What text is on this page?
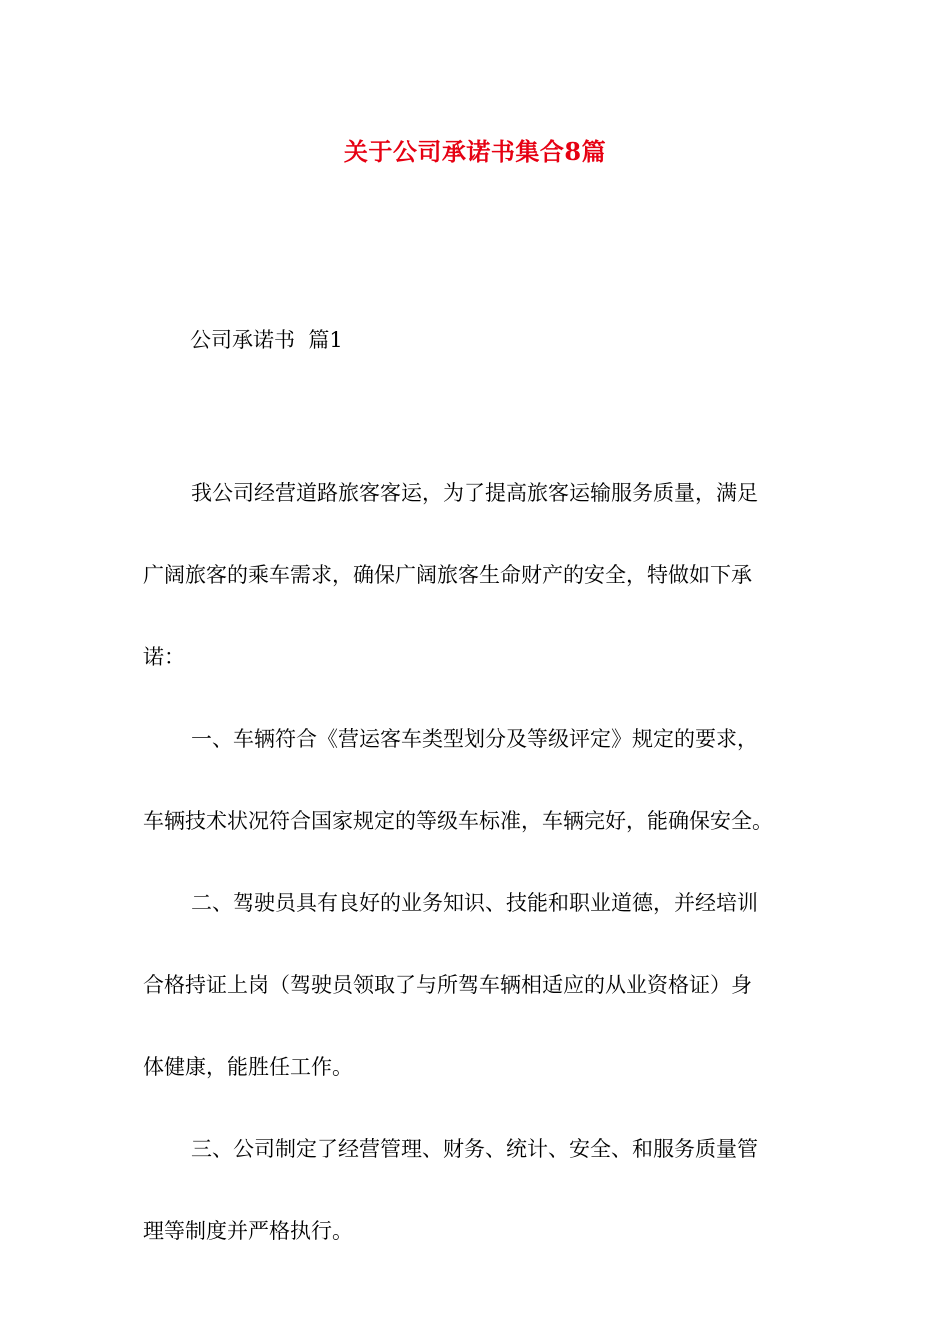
关于公司承诺书集合8篇

公司承诺书  篇1

我公司经营道路旅客客运，为了提高旅客运输服务质量，满足
广阔旅客的乘车需求，确保广阔旅客生命财产的安全，特做如下承
诺：
一、车辆符合《营运客车类型划分及等级评定》规定的要求，
车辆技术状况符合国家规定的等级车标准，车辆完好，能确保安全。
二、驾驶员具有良好的业务知识、技能和职业道德，并经培训
合格持证上岗（驾驶员领取了与所驾车辆相适应的从业资格证）身
体健康，能胜任工作。
三、公司制定了经营管理、财务、统计、安全、和服务质量管
理等制度并严格执行。
